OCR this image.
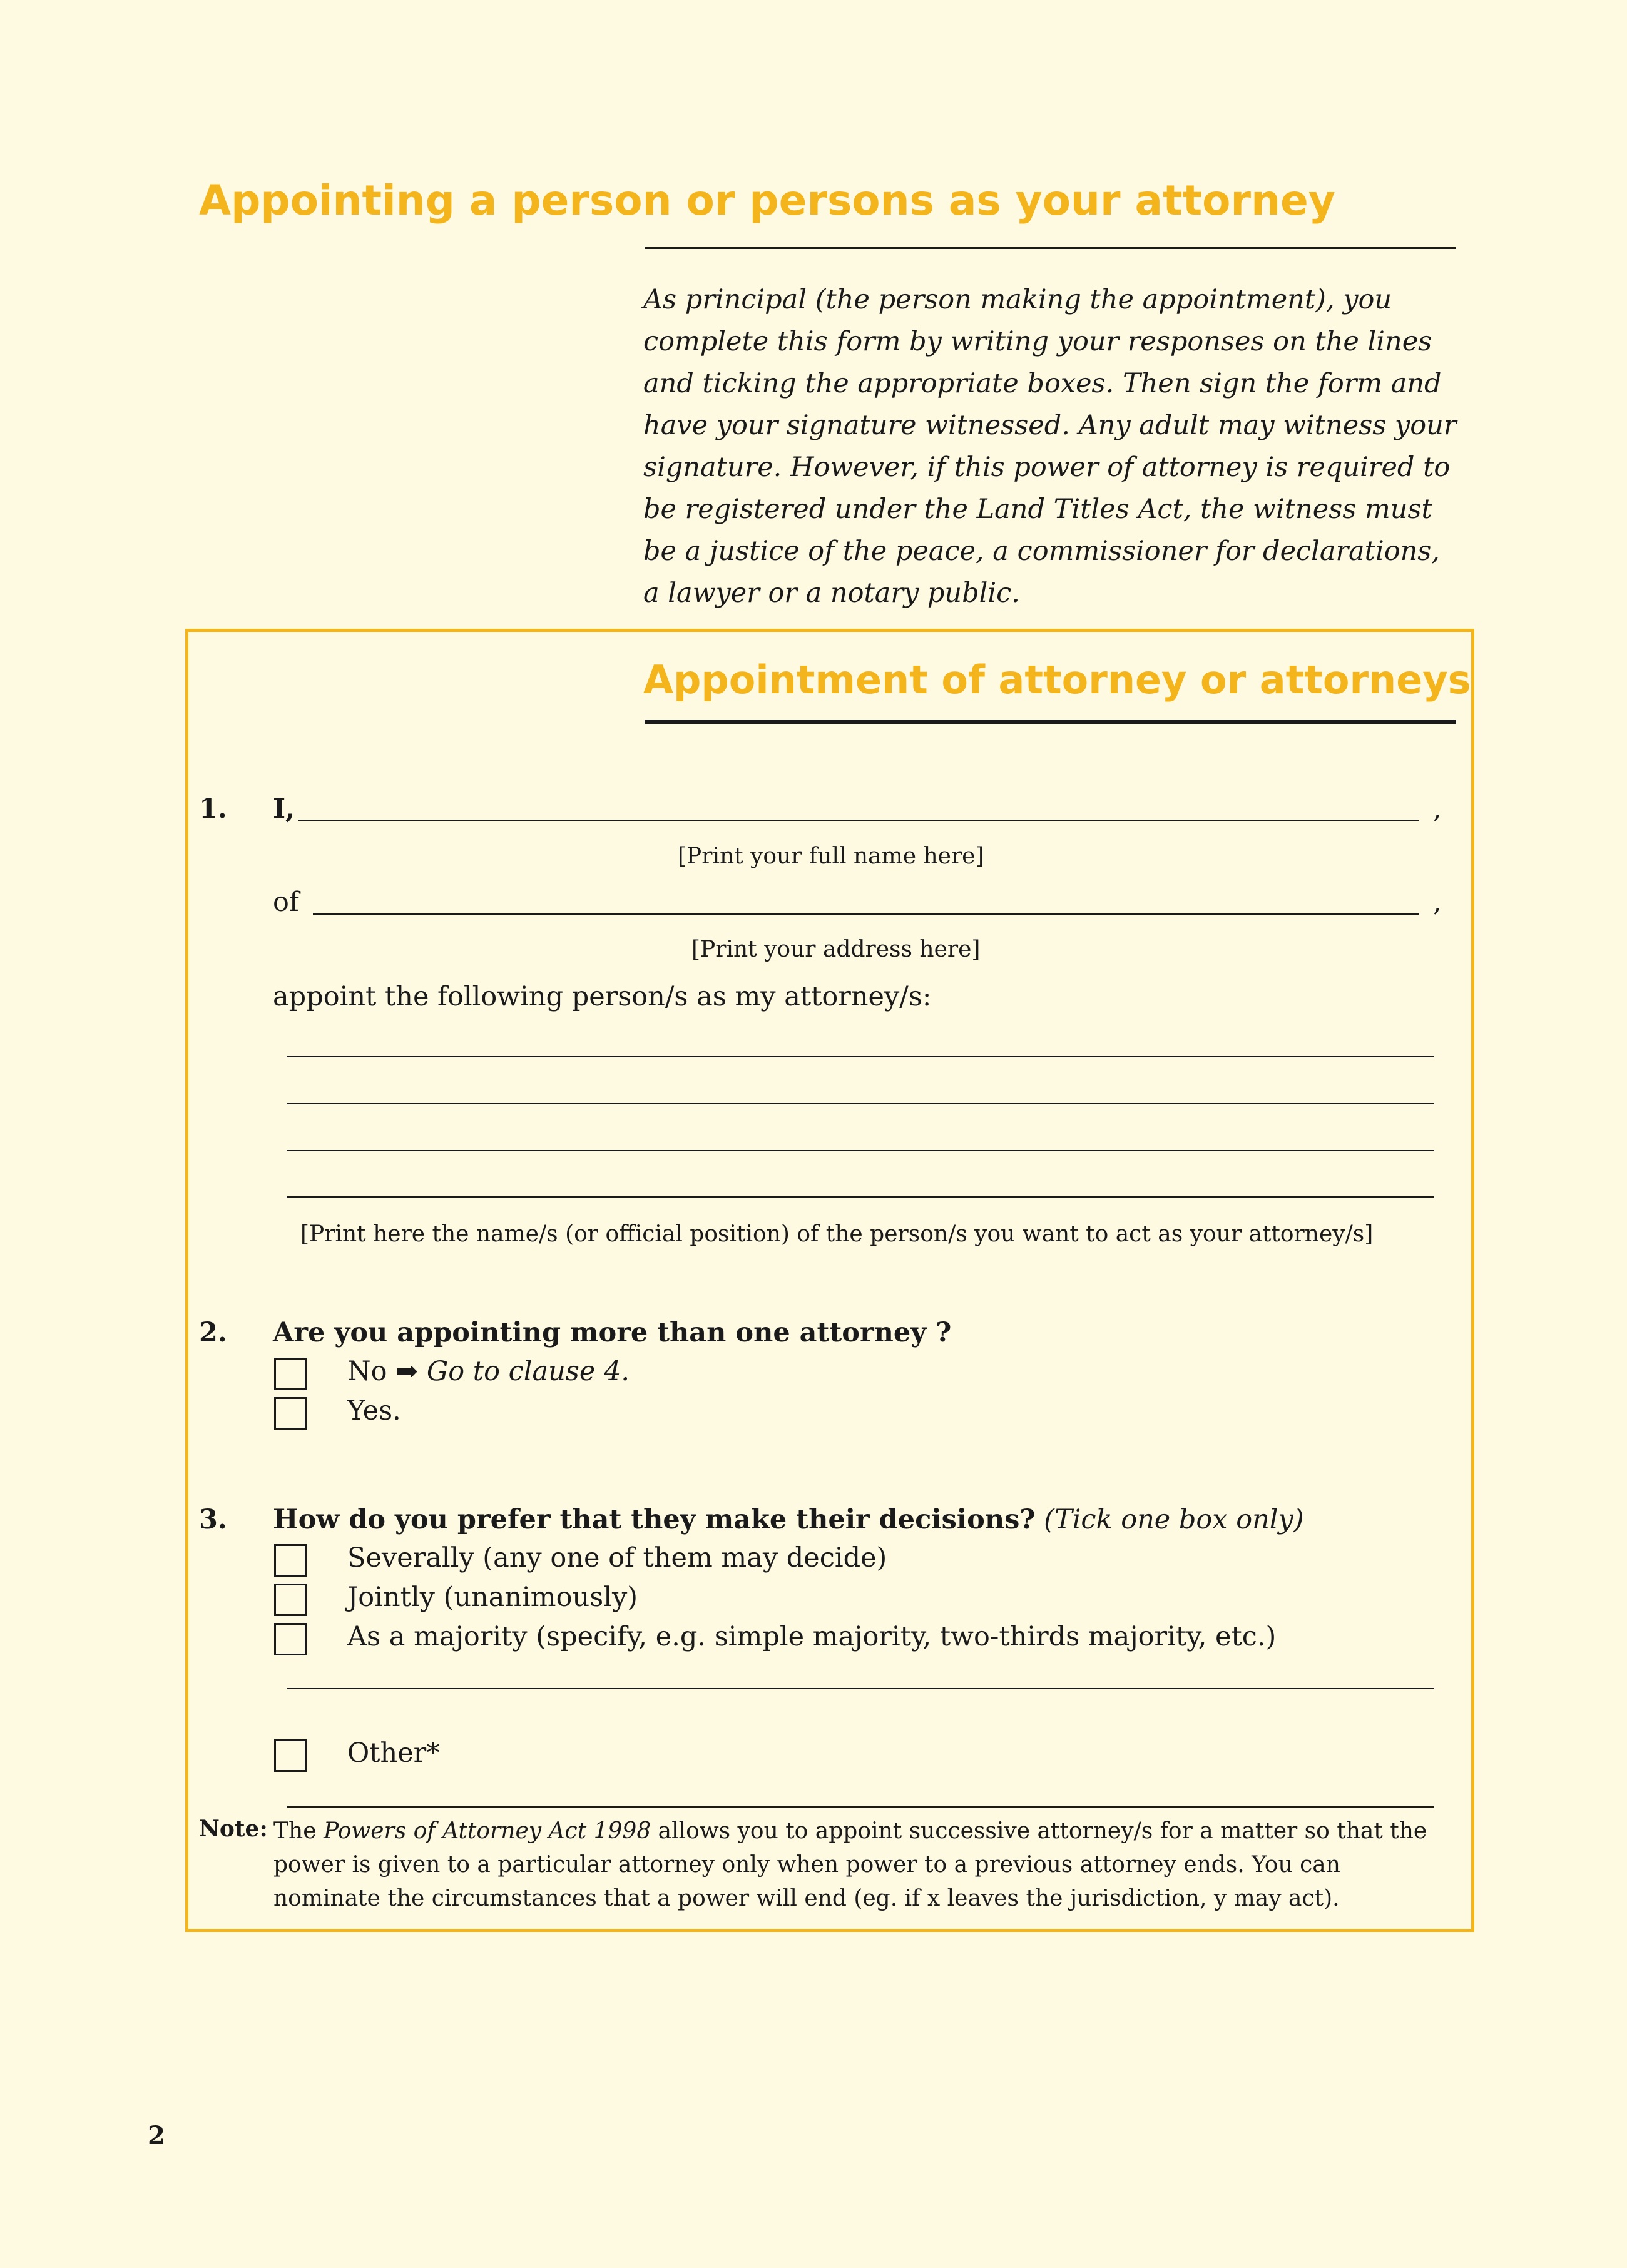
Appointing a person or persons as your attorney
As principal (the person making the appointment), you complete this form by writing your responses on the lines and ticking the appropriate boxes. Then sign the form and have your signature witnessed. Any adult may witness your signature. However, if this power of attorney is required to be registered under the Land Titles Act, the witness must be a justice of the peace, a commissioner for declarations, a lawyer or a notary public.
Appointment of attorney or attorneys
1. I,	,
[Print your full name here]
of	,
[Print your address here]
appoint the following person/s as my attorney/s:
[Print here the name/s (or official position) of the person/s you want to act as your attorney/s]
2. Are you appointing more than one attorney ?
No ➡ Go to clause 4.
Yes.
3. How do you prefer that they make their decisions? (Tick one box only)
Severally (any one of them may decide)
Jointly (unanimously)
As a majority (specify, e.g. simple majority, two-thirds majority, etc.)
Other*
Note: The Powers of Attorney Act 1998 allows you to appoint successive attorney/s for a matter so that the power is given to a particular attorney only when power to a previous attorney ends. You can nominate the circumstances that a power will end (eg. if x leaves the jurisdiction, y may act).
2
